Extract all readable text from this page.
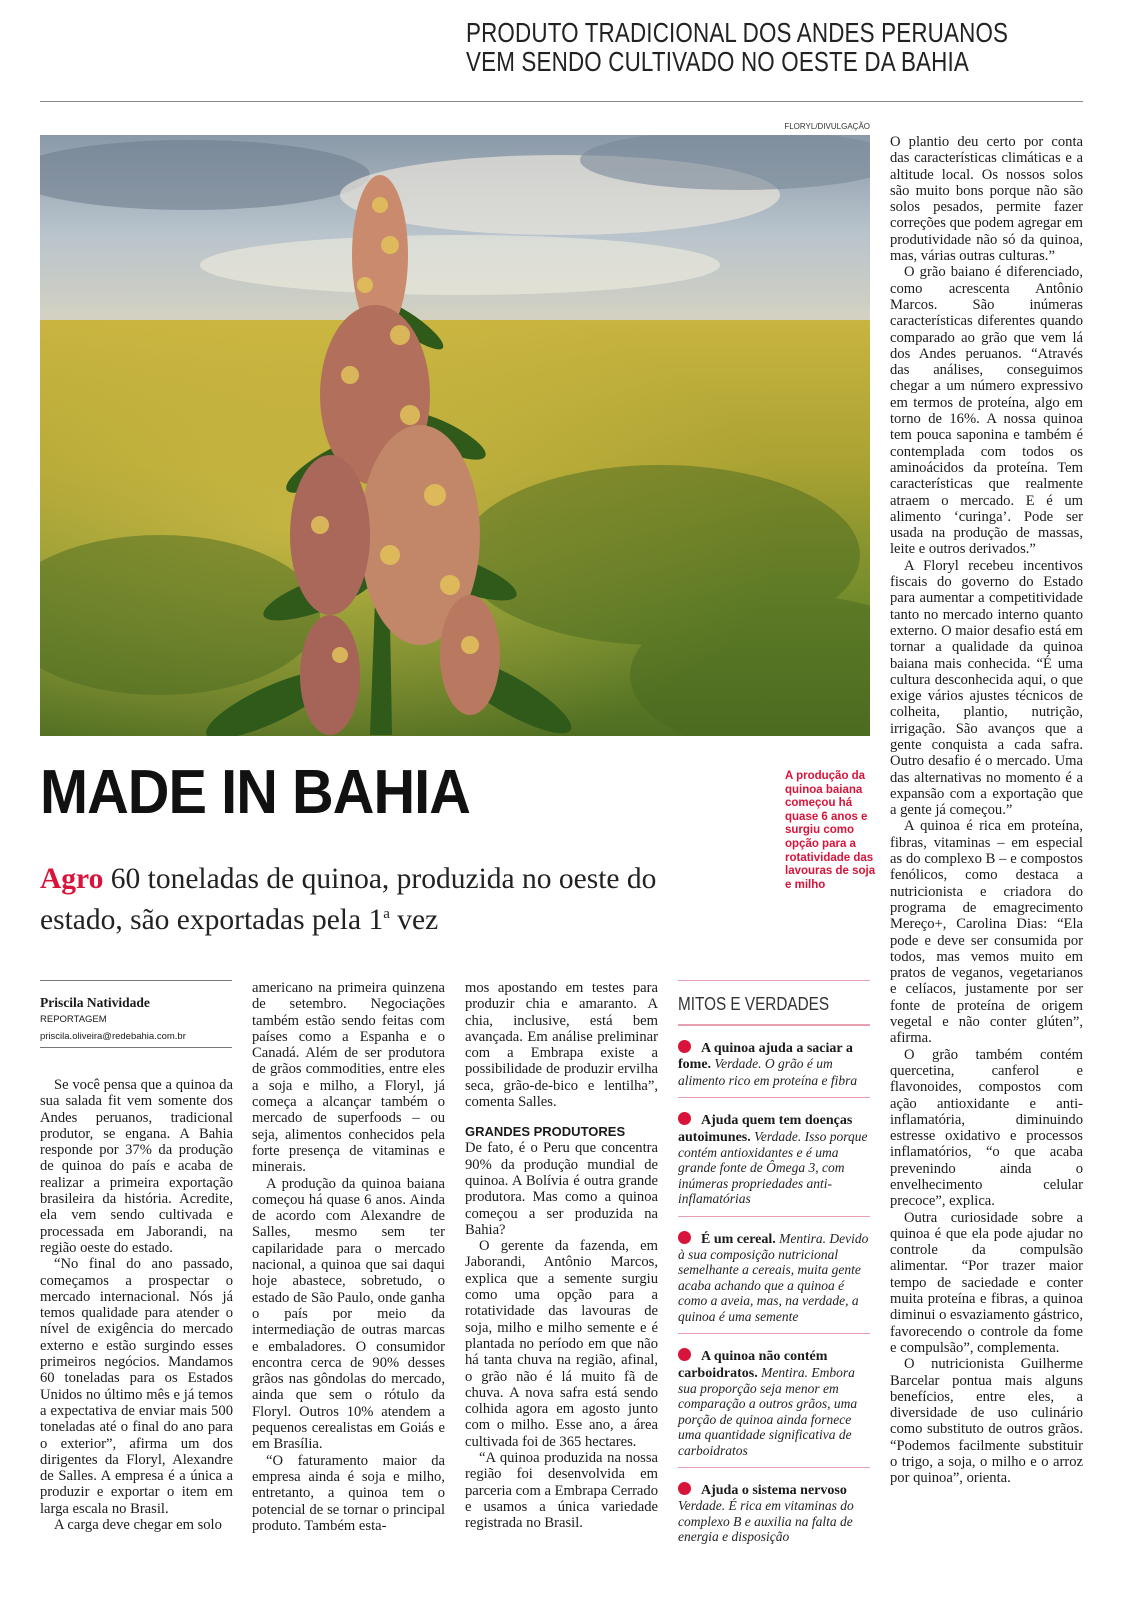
PRODUTO TRADICIONAL DOS ANDES PERUANOS
VEM SENDO CULTIVADO NO OESTE DA BAHIA
FLORYL/DIVULGAÇÃO
MADE IN BAHIA	A produção da quinoa baiana começou há quase 6 anos e surgiu como opção para a rotatividade das lavouras de soja e milho
Agro 60 toneladas de quinoa, produzida no oeste do estado, são exportadas pela 1$^a$ vez
Priscila Natividade
REPORTAGEM
priscila.oliveira@redebahia.com.br

Se você pensa que a quinoa da sua salada fit vem somente dos Andes peruanos, tradicional produtor, se engana. A Bahia responde por 37% da produção de quinoa do país e acaba de realizar a primeira exportação brasileira da história. Acredite, ela vem sendo cultivada e processada em Jaborandi, na região oeste do estado.

“No final do ano passado, começamos a prospectar o mercado internacional. Nós já temos qualidade para atender o nível de exigência do mercado externo e estão surgindo esses primeiros negócios. Mandamos 60 toneladas para os Estados Unidos no último mês e já temos a expectativa de enviar mais 500 toneladas até o final do ano para o exterior”, afirma um dos dirigentes da Floryl, Alexandre de Salles. A empresa é a única a produzir e exportar o item em larga escala no Brasil.

A carga deve chegar em solo

americano na primeira quinzena de setembro. Negociações também estão sendo feitas com países como a Espanha e o Canadá. Além de ser produtora de grãos commodities, entre eles a soja e milho, a Floryl, já começa a alcançar também o mercado de superfoods – ou seja, alimentos conhecidos pela forte presença de vitaminas e minerais.

A produção da quinoa baiana começou há quase 6 anos. Ainda de acordo com Alexandre de Salles, mesmo sem ter capilaridade para o mercado nacional, a quinoa que sai daqui hoje abastece, sobretudo, o estado de São Paulo, onde ganha o país por meio da intermediação de outras marcas e embaladores. O consumidor encontra cerca de 90% desses grãos nas gôndolas do mercado, ainda que sem o rótulo da Floryl. Outros 10% atendem a pequenos cerealistas em Goiás e em Brasília.

“O faturamento maior da empresa ainda é soja e milho, entretanto, a quinoa tem o potencial de se tornar o principal produto. Também esta-

mos apostando em testes para produzir chia e amaranto. A chia, inclusive, está bem avançada. Em análise preliminar com a Embrapa existe a possibilidade de produzir ervilha seca, grão-de-bico e lentilha”, comenta Salles.

GRANDES PRODUTORES

De fato, é o Peru que concentra 90% da produção mundial de quinoa. A Bolívia é outra grande produtora. Mas como a quinoa começou a ser produzida na Bahia?

O gerente da fazenda, em Jaborandi, Antônio Marcos, explica que a semente surgiu como uma opção para a rotatividade das lavouras de soja, milho e milho semente e é plantada no período em que não há tanta chuva na região, afinal, o grão não é lá muito fã de chuva. A nova safra está sendo colhida agora em agosto junto com o milho. Esse ano, a área cultivada foi de 365 hectares.

“A quinoa produzida na nossa região foi desenvolvida em parceria com a Embrapa Cerrado e usamos a única variedade registrada no Brasil.

MITOS E VERDADES
A quinoa ajuda a saciar a fome. Verdade. O grão é um alimento rico em proteína e fibra
Ajuda quem tem doenças autoimunes. Verdade. Isso porque contém antioxidantes e é uma grande fonte de Ômega 3, com inúmeras propriedades anti-inflamatórias
É um cereal. Mentira. Devido à sua composição nutricional semelhante a cereais, muita gente acaba achando que a quinoa é como a aveia, mas, na verdade, a quinoa é uma semente
A quinoa não contém carboidratos. Mentira. Embora sua proporção seja menor em comparação a outros grãos, uma porção de quinoa ainda fornece uma quantidade significativa de carboidratos
Ajuda o sistema nervoso Verdade. É rica em vitaminas do complexo B e auxilia na falta de energia e disposição

O plantio deu certo por conta das características climáticas e a altitude local. Os nossos solos são muito bons porque não são solos pesados, permite fazer correções que podem agregar em produtividade não só da quinoa, mas, várias outras culturas.”

O grão baiano é diferenciado, como acrescenta Antônio Marcos. São inúmeras características diferentes quando comparado ao grão que vem lá dos Andes peruanos. “Através das análises, conseguimos chegar a um número expressivo em termos de proteína, algo em torno de 16%. A nossa quinoa tem pouca saponina e também é contemplada com todos os aminoácidos da proteína. Tem características que realmente atraem o mercado. E é um alimento ‘curinga’. Pode ser usada na produção de massas, leite e outros derivados.”

A Floryl recebeu incentivos fiscais do governo do Estado para aumentar a competitividade tanto no mercado interno quanto externo. O maior desafio está em tornar a qualidade da quinoa baiana mais conhecida. “É uma cultura desconhecida aqui, o que exige vários ajustes técnicos de colheita, plantio, nutrição, irrigação. São avanços que a gente conquista a cada safra. Outro desafio é o mercado. Uma das alternativas no momento é a expansão com a exportação que a gente já começou.”

A quinoa é rica em proteína, fibras, vitaminas – em especial as do complexo B – e compostos fenólicos, como destaca a nutricionista e criadora do programa de emagrecimento Mereço+, Carolina Dias: “Ela pode e deve ser consumida por todos, mas vemos muito em pratos de veganos, vegetarianos e celíacos, justamente por ser fonte de proteína de origem vegetal e não conter glúten”, afirma.

O grão também contém quercetina, canferol e flavonoides, compostos com ação antioxidante e anti-inflamatória, diminuindo estresse oxidativo e processos inflamatórios, “o que acaba prevenindo ainda o envelhecimento celular precoce”, explica.

Outra curiosidade sobre a quinoa é que ela pode ajudar no controle da compulsão alimentar. “Por trazer maior tempo de saciedade e conter muita proteína e fibras, a quinoa diminui o esvaziamento gástrico, favorecendo o controle da fome e compulsão”, complementa.

O nutricionista Guilherme Barcelar pontua mais alguns benefícios, entre eles, a diversidade de uso culinário como substituto de outros grãos. “Podemos facilmente substituir o trigo, a soja, o milho e o arroz por quinoa”, orienta.
